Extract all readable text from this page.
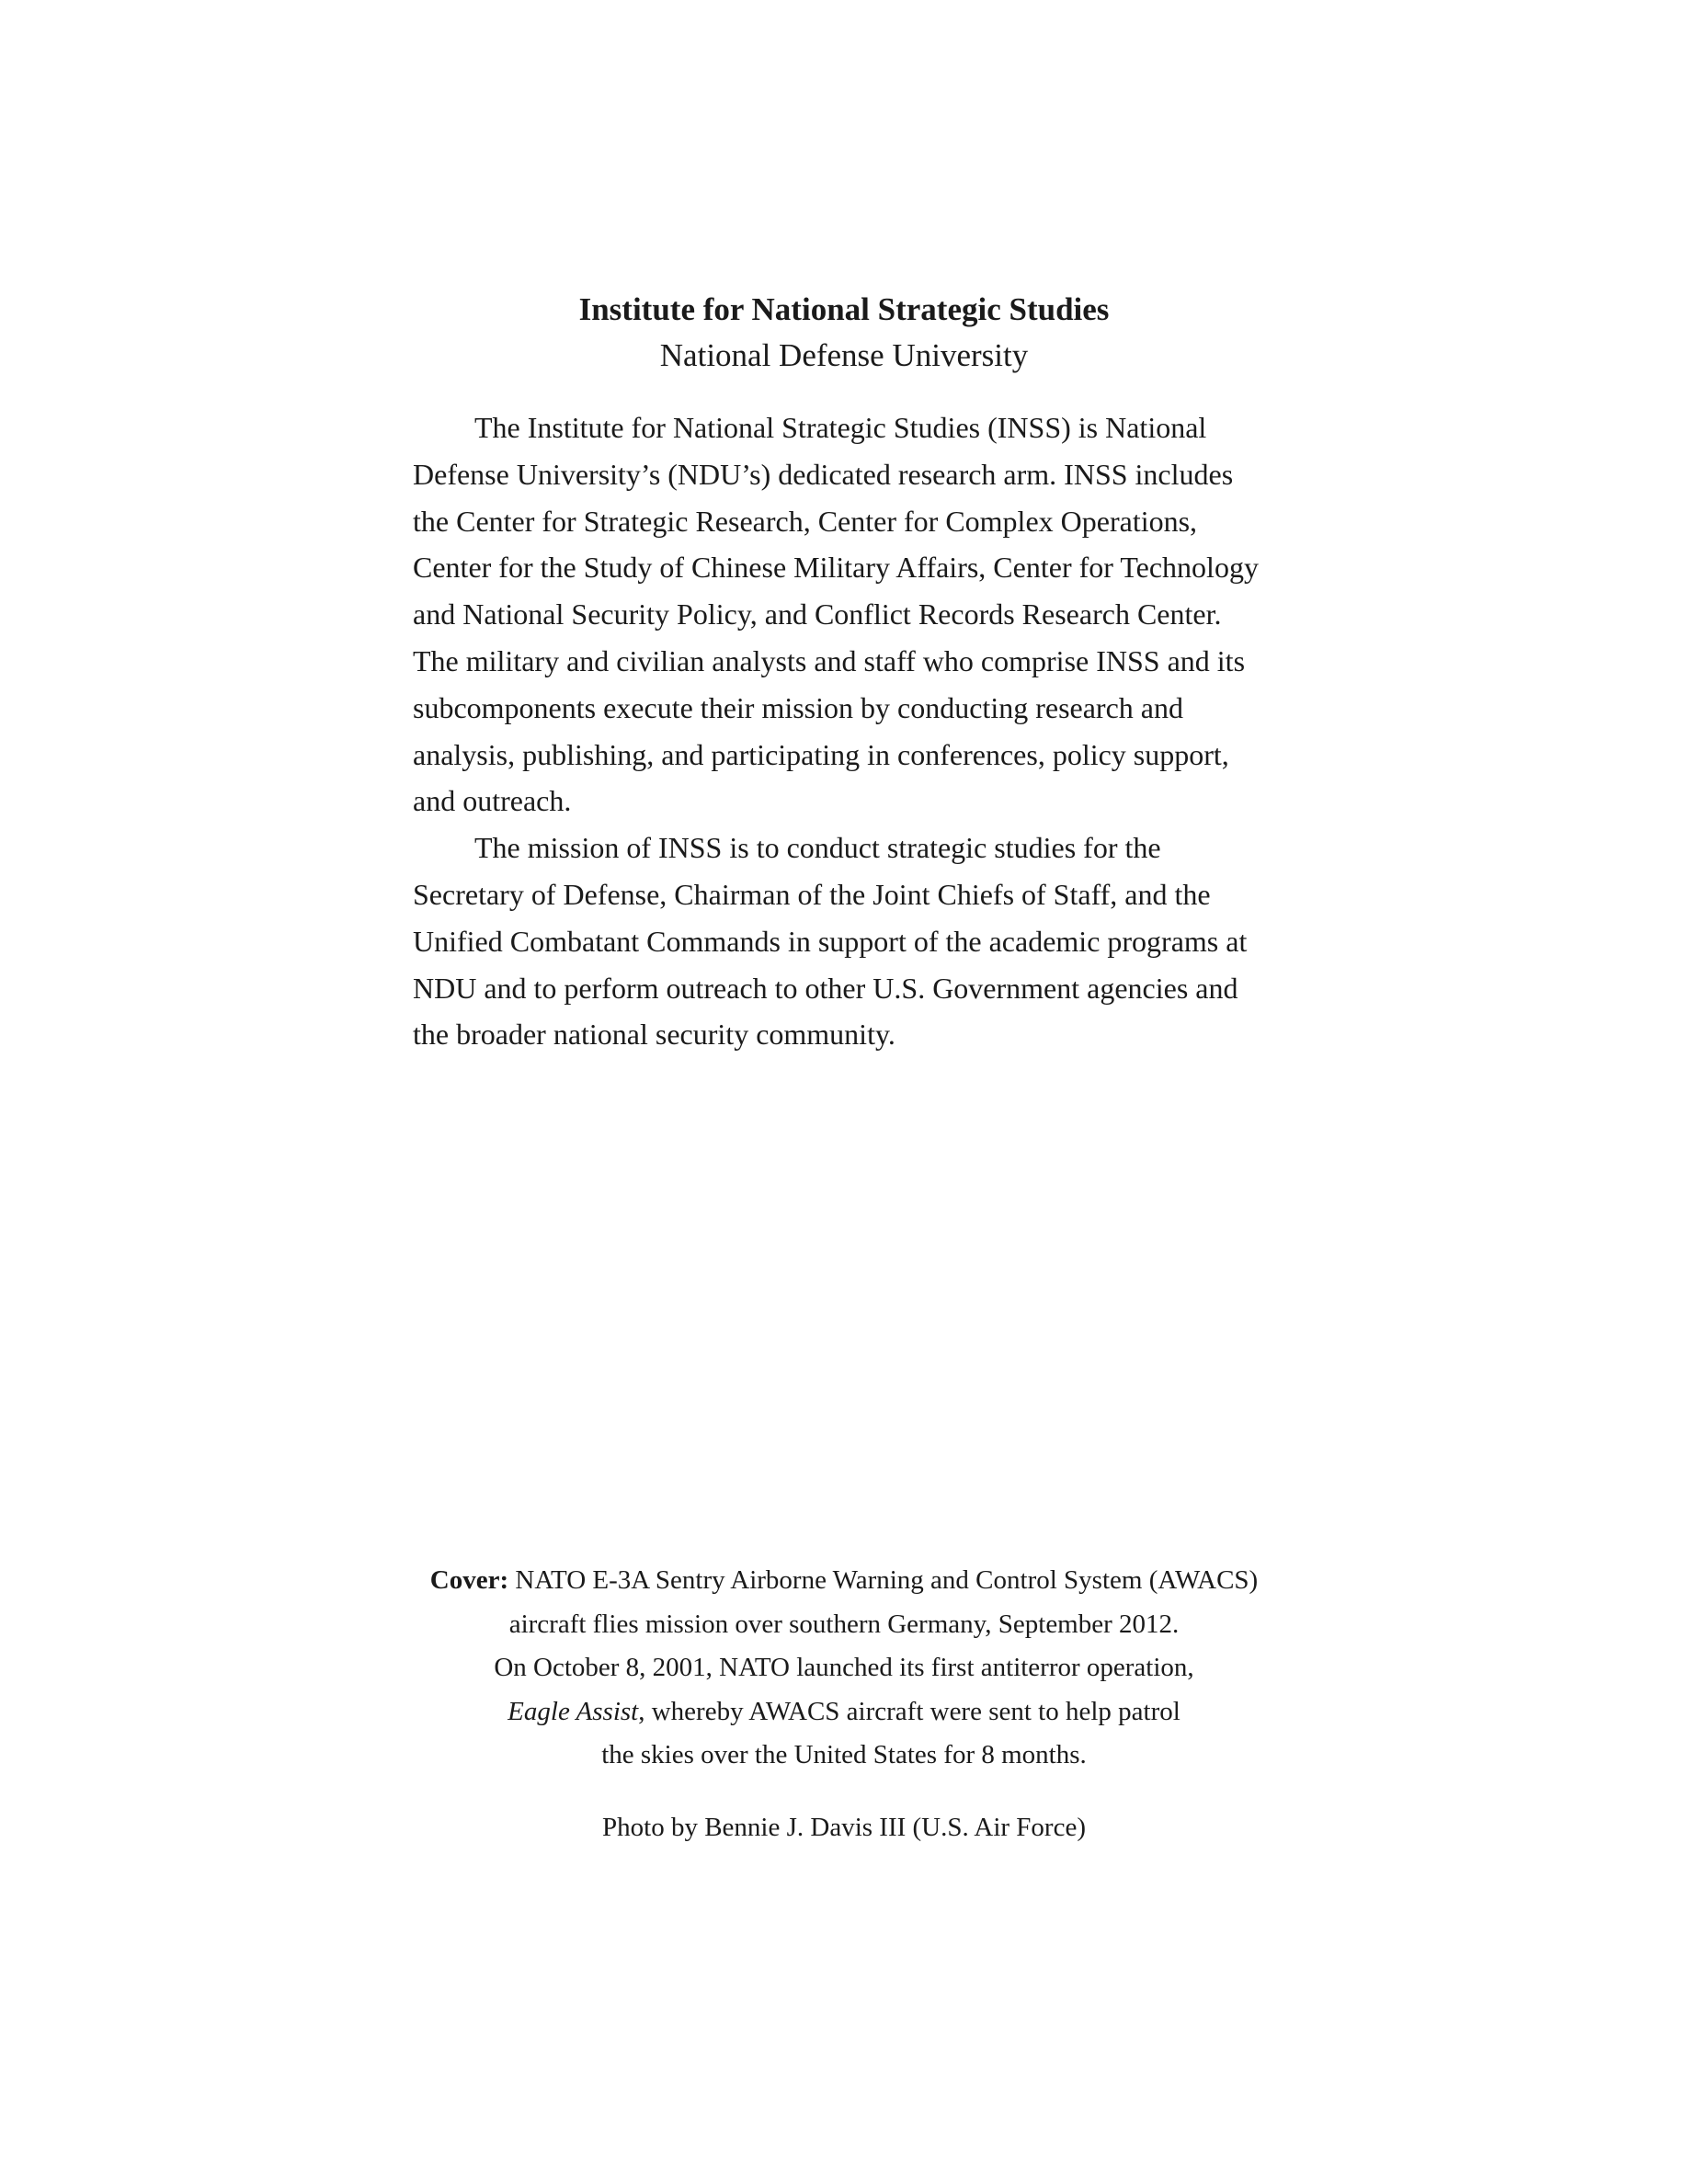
Institute for National Strategic Studies

National Defense University

The Institute for National Strategic Studies (INSS) is National Defense University’s (NDU’s) dedicated research arm. INSS includes the Center for Strategic Research, Center for Complex Operations, Center for the Study of Chinese Military Affairs, Center for Technology and National Security Policy, and Conflict Records Research Center. The military and civilian analysts and staff who comprise INSS and its subcomponents execute their mission by conducting research and analysis, publishing, and participating in conferences, policy support, and outreach.

The mission of INSS is to conduct strategic studies for the Secretary of Defense, Chairman of the Joint Chiefs of Staff, and the Unified Combatant Commands in support of the academic programs at NDU and to perform outreach to other U.S. Government agencies and the broader national security community.

Cover: NATO E-3A Sentry Airborne Warning and Control System (AWACS)
aircraft flies mission over southern Germany, September 2012.
On October 8, 2001, NATO launched its first antiterror operation,
Eagle Assist, whereby AWACS aircraft were sent to help patrol
the skies over the United States for 8 months.
Photo by Bennie J. Davis III (U.S. Air Force)
